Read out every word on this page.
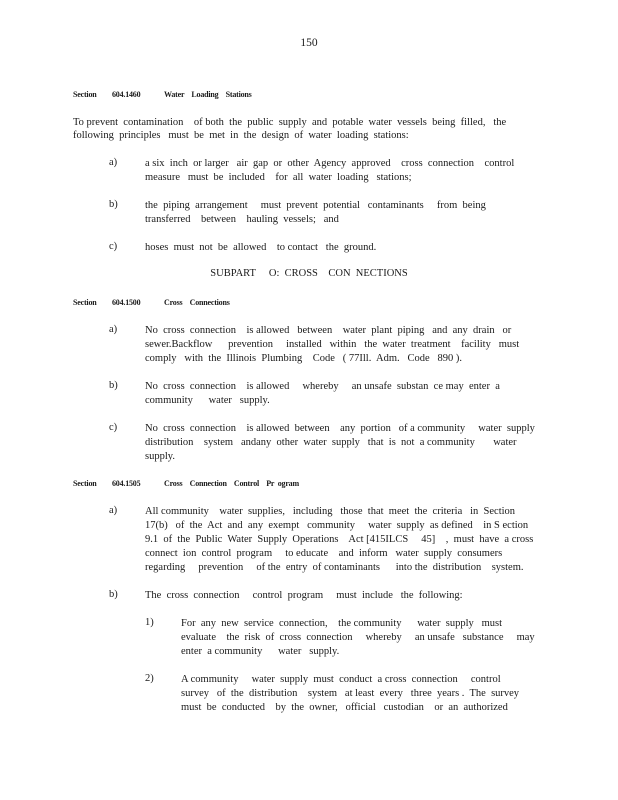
150
Section 604.1460	Water    Loading    Stations
To prevent  contamination    of both  the  public  supply  and  potable  water  vessels  being  filled,   the
following  principles   must  be  met  in  the  design  of  water  loading  stations:
a)	a six  inch  or larger   air  gap  or  other  Agency  approved    cross  connection    control
measure   must  be  included    for  all  water  loading   stations;
b)	the  piping  arrangement     must  prevent  potential   contaminants     from  being
transferred    between    hauling  vessels;   and
c)	hoses  must  not  be  allowed    to contact   the  ground.
SUBPART     O:  CROSS    CON  NECTIONS
Section 604.1500	Cross    Connections
a)	No  cross  connection    is allowed   between    water  plant  piping   and  any  drain   or
sewer.Backflow      prevention     installed   within   the  water  treatment    facility   must
comply   with  the  Illinois  Plumbing    Code   ( 77Ill.  Adm.   Code   890 ).
b)	No  cross  connection    is allowed     whereby     an unsafe  substan  ce may  enter  a
community      water   supply.
c)	No  cross  connection    is allowed  between    any  portion   of a community     water  supply
distribution    system   andany  other  water  supply   that  is  not  a community       water
supply.
Section 604.1505	Cross    Connection    Control    Pr  ogram
a)	All community    water  supplies,   including   those  that  meet  the  criteria   in  Section
17(b)   of  the  Act  and  any  exempt   community     water  supply  as defined    in S ection
9.1  of  the  Public  Water  Supply  Operations    Act [415ILCS     45]    ,  must  have  a cross
connect  ion  control  program     to educate    and  inform   water  supply  consumers
regarding     prevention     of the  entry  of contaminants      into the  distribution    system.
b)	The  cross  connection     control  program     must  include   the  following:
1)	For  any  new  service  connection,    the community      water  supply   must
evaluate    the  risk  of  cross  connection     whereby     an unsafe   substance     may
enter  a community      water   supply.
2)	A community     water  supply  must  conduct  a cross  connection     control
survey   of  the  distribution    system   at least  every   three  years .  The  survey
must  be  conducted    by  the  owner,   official   custodian    or  an  authorized
